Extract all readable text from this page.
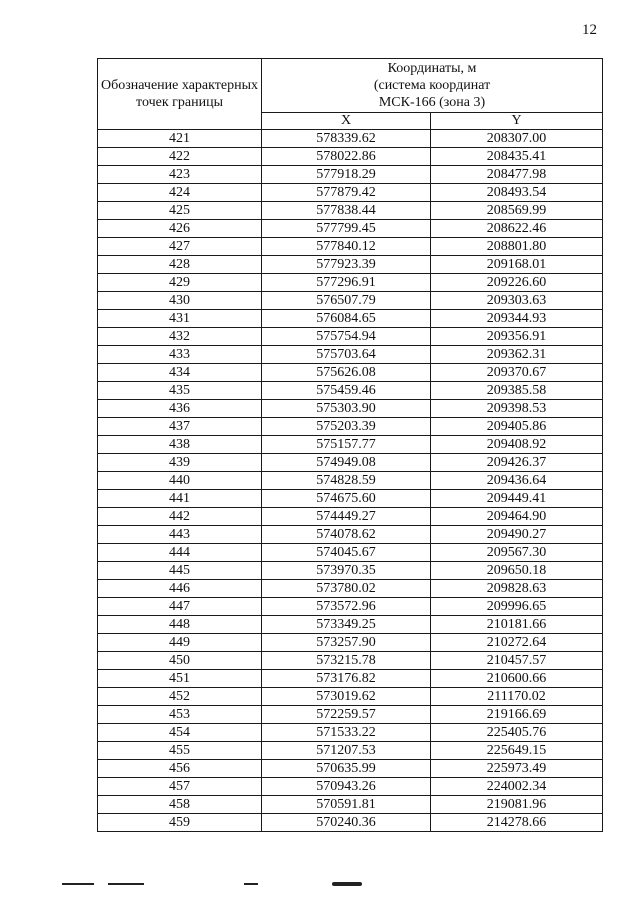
12
Обозначение характерных точек границы	Координаты, м
(система координат
МСК-166 (зона 3)	

	X	Y
421	578339.62	208307.00
422	578022.86	208435.41
423	577918.29	208477.98
424	577879.42	208493.54
425	577838.44	208569.99
426	577799.45	208622.46
427	577840.12	208801.80
428	577923.39	209168.01
429	577296.91	209226.60
430	576507.79	209303.63
431	576084.65	209344.93
432	575754.94	209356.91
433	575703.64	209362.31
434	575626.08	209370.67
435	575459.46	209385.58
436	575303.90	209398.53
437	575203.39	209405.86
438	575157.77	209408.92
439	574949.08	209426.37
440	574828.59	209436.64
441	574675.60	209449.41
442	574449.27	209464.90
443	574078.62	209490.27
444	574045.67	209567.30
445	573970.35	209650.18
446	573780.02	209828.63
447	573572.96	209996.65
448	573349.25	210181.66
449	573257.90	210272.64
450	573215.78	210457.57
451	573176.82	210600.66
452	573019.62	211170.02
453	572259.57	219166.69
454	571533.22	225405.76
455	571207.53	225649.15
456	570635.99	225973.49
457	570943.26	224002.34
458	570591.81	219081.96
459	570240.36	214278.66
